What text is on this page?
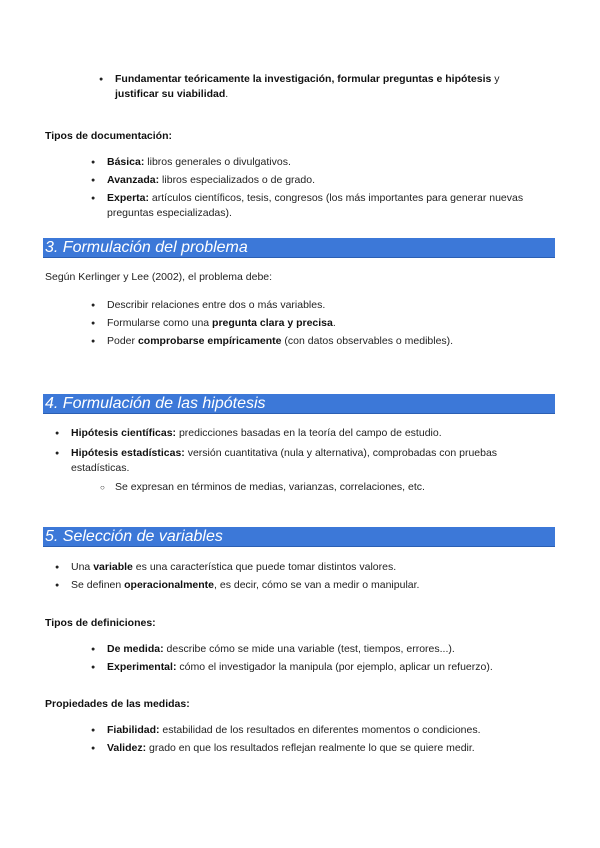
● Fundamentar teóricamente la investigación, formular preguntas e hipótesis y
justificar su viabilidad.
Tipos de documentación:
● Básica: libros generales o divulgativos.
● Avanzada: libros especializados o de grado.
● Experta: artículos científicos, tesis, congresos (los más importantes para generar nuevas
preguntas especializadas).
3. Formulación del problema
Según Kerlinger y Lee (2002), el problema debe:
● Describir relaciones entre dos o más variables.
● Formularse como una pregunta clara y precisa.
● Poder comprobarse empíricamente (con datos observables o medibles).
4. Formulación de las hipótesis
● Hipótesis científicas: predicciones basadas en la teoría del campo de estudio.
● Hipótesis estadísticas: versión cuantitativa (nula y alternativa), comprobadas con pruebas
estadísticas.
○ Se expresan en términos de medias, varianzas, correlaciones, etc.
5. Selección de variables
● Una variable es una característica que puede tomar distintos valores.
● Se definen operacionalmente, es decir, cómo se van a medir o manipular.
Tipos de definiciones:
● De medida: describe cómo se mide una variable (test, tiempos, errores...).
● Experimental: cómo el investigador la manipula (por ejemplo, aplicar un refuerzo).
Propiedades de las medidas:
● Fiabilidad: estabilidad de los resultados en diferentes momentos o condiciones.
● Validez: grado en que los resultados reflejan realmente lo que se quiere medir.
